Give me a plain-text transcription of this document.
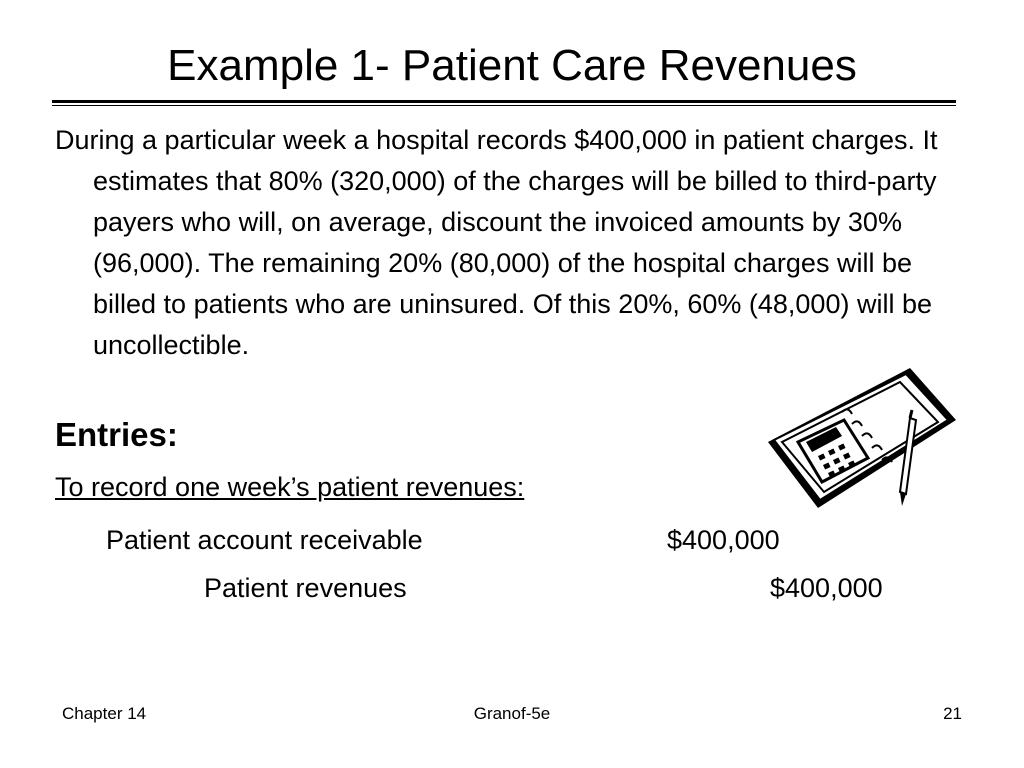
Example 1- Patient Care Revenues

During a particular week a hospital records $400,000 in patient charges. It estimates that 80% (320,000) of the charges will be billed to third-party payers who will, on average, discount the invoiced amounts by 30% (96,000). The remaining 20% (80,000) of the hospital charges will be billed to patients who are uninsured. Of this 20%, 60% (48,000) will be uncollectible.

Entries:
To record one week’s patient revenues:
Patient account receivable	$400,000
Patient revenues	$400,000
Chapter 14	Granof-5e	21
